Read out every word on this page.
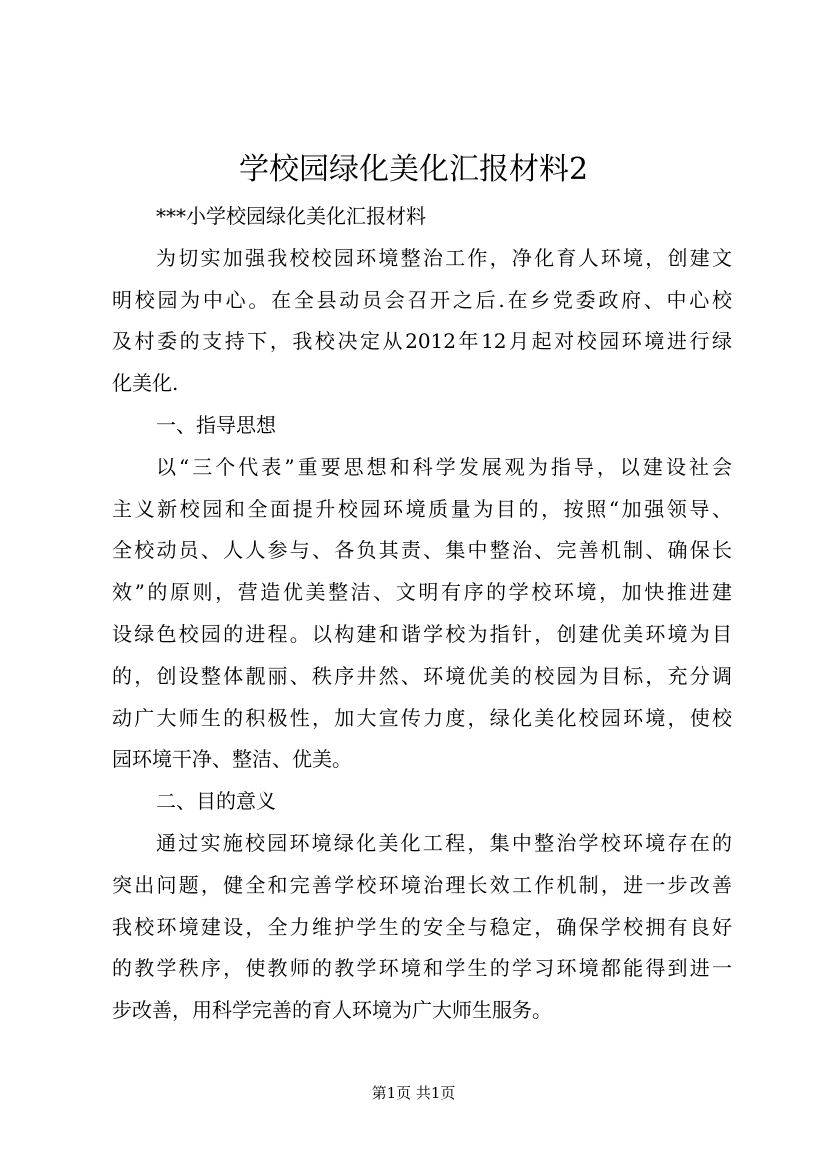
学校园绿化美化汇报材料2
***小学校园绿化美化汇报材料
为切实加强我校校园环境整治工作，净化育人环境，创建文
明校园为中心。在全县动员会召开之后.在乡党委政府、中心校
及村委的支持下，我校决定从2012年12月起对校园环境进行绿
化美化.
一、指导思想
以“三个代表”重要思想和科学发展观为指导，以建设社会
主义新校园和全面提升校园环境质量为目的，按照“加强领导、
全校动员、人人参与、各负其责、集中整治、完善机制、确保长
效”的原则，营造优美整洁、文明有序的学校环境，加快推进建
设绿色校园的进程。以构建和谐学校为指针，创建优美环境为目
的，创设整体靓丽、秩序井然、环境优美的校园为目标，充分调
动广大师生的积极性，加大宣传力度，绿化美化校园环境，使校
园环境干净、整洁、优美。
二、目的意义
通过实施校园环境绿化美化工程，集中整治学校环境存在的
突出问题，健全和完善学校环境治理长效工作机制，进一步改善
我校环境建设，全力维护学生的安全与稳定，确保学校拥有良好
的教学秩序，使教师的教学环境和学生的学习环境都能得到进一
步改善，用科学完善的育人环境为广大师生服务。
第1页 共1页
